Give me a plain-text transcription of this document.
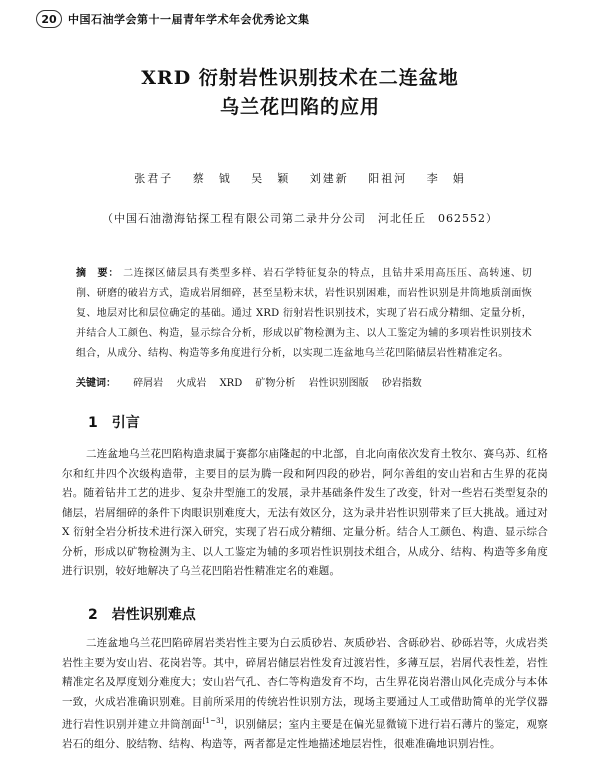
20	中国石油学会第十一届青年学术年会优秀论文集
XRD 衍射岩性识别技术在二连盆地
乌兰花凹陷的应用
张君子 蔡　钺 吴　颖 刘建新 阳祖河 李　娟
（中国石油渤海钻探工程有限公司第二录井分公司　河北任丘　062552）
摘　要： 二连探区储层具有类型多样、岩石学特征复杂的特点，且钻井采用高压压、高转速、切削、研磨的破岩方式，造成岩屑细碎，甚至呈粉末状，岩性识别困难，而岩性识别是井筒地质剖面恢复、地层对比和层位确定的基础。通过 XRD 衍射岩性识别技术，实现了岩石成分精细、定量分析，并结合人工颜色、构造，显示综合分析，形成以矿物检测为主、以人工鉴定为辅的多项岩性识别技术组合，从成分、结构、构造等多角度进行分析，以实现二连盆地乌兰花凹陷储层岩性精准定名。
关键词： 碎屑岩 火成岩 XRD 矿物分析 岩性识别图版 砂岩指数
1 引言
二连盆地乌兰花凹陷构造隶属于赛都尔庙隆起的中北部，自北向南依次发育土牧尔、赛乌苏、红格尔和红井四个次级构造带，主要目的层为腾一段和阿四段的砂岩，阿尔善组的安山岩和古生界的花岗岩。随着钻井工艺的进步、复杂井型施工的发展，录井基础条件发生了改变，针对一些岩石类型复杂的储层，岩屑细碎的条件下肉眼识别难度大，无法有效区分，这为录井岩性识别带来了巨大挑战。通过对 X 衍射全岩分析技术进行深入研究，实现了岩石成分精细、定量分析。结合人工颜色、构造、显示综合分析，形成以矿物检测为主、以人工鉴定为辅的多项岩性识别技术组合，从成分、结构、构造等多角度进行识别，较好地解决了乌兰花凹陷岩性精准定名的难题。
2 岩性识别难点
二连盆地乌兰花凹陷碎屑岩类岩性主要为白云质砂岩、灰质砂岩、含砾砂岩、砂砾岩等，火成岩类岩性主要为安山岩、花岗岩等。其中，碎屑岩储层岩性发育过渡岩性，多薄互层，岩屑代表性差，岩性精准定名及厚度划分难度大；安山岩气孔、杏仁等构造发育不均，古生界花岗岩潜山风化壳成分与本体一致，火成岩准确识别难。目前所采用的传统岩性识别方法，现场主要通过人工或借助简单的光学仪器进行岩性识别并建立井筒剖面[1~3]，识别储层；室内主要是在偏光显微镜下进行岩石薄片的鉴定，观察岩石的组分、胶结物、结构、构造等，两者都是定性地描述地层岩性，很难准确地识别岩性。
